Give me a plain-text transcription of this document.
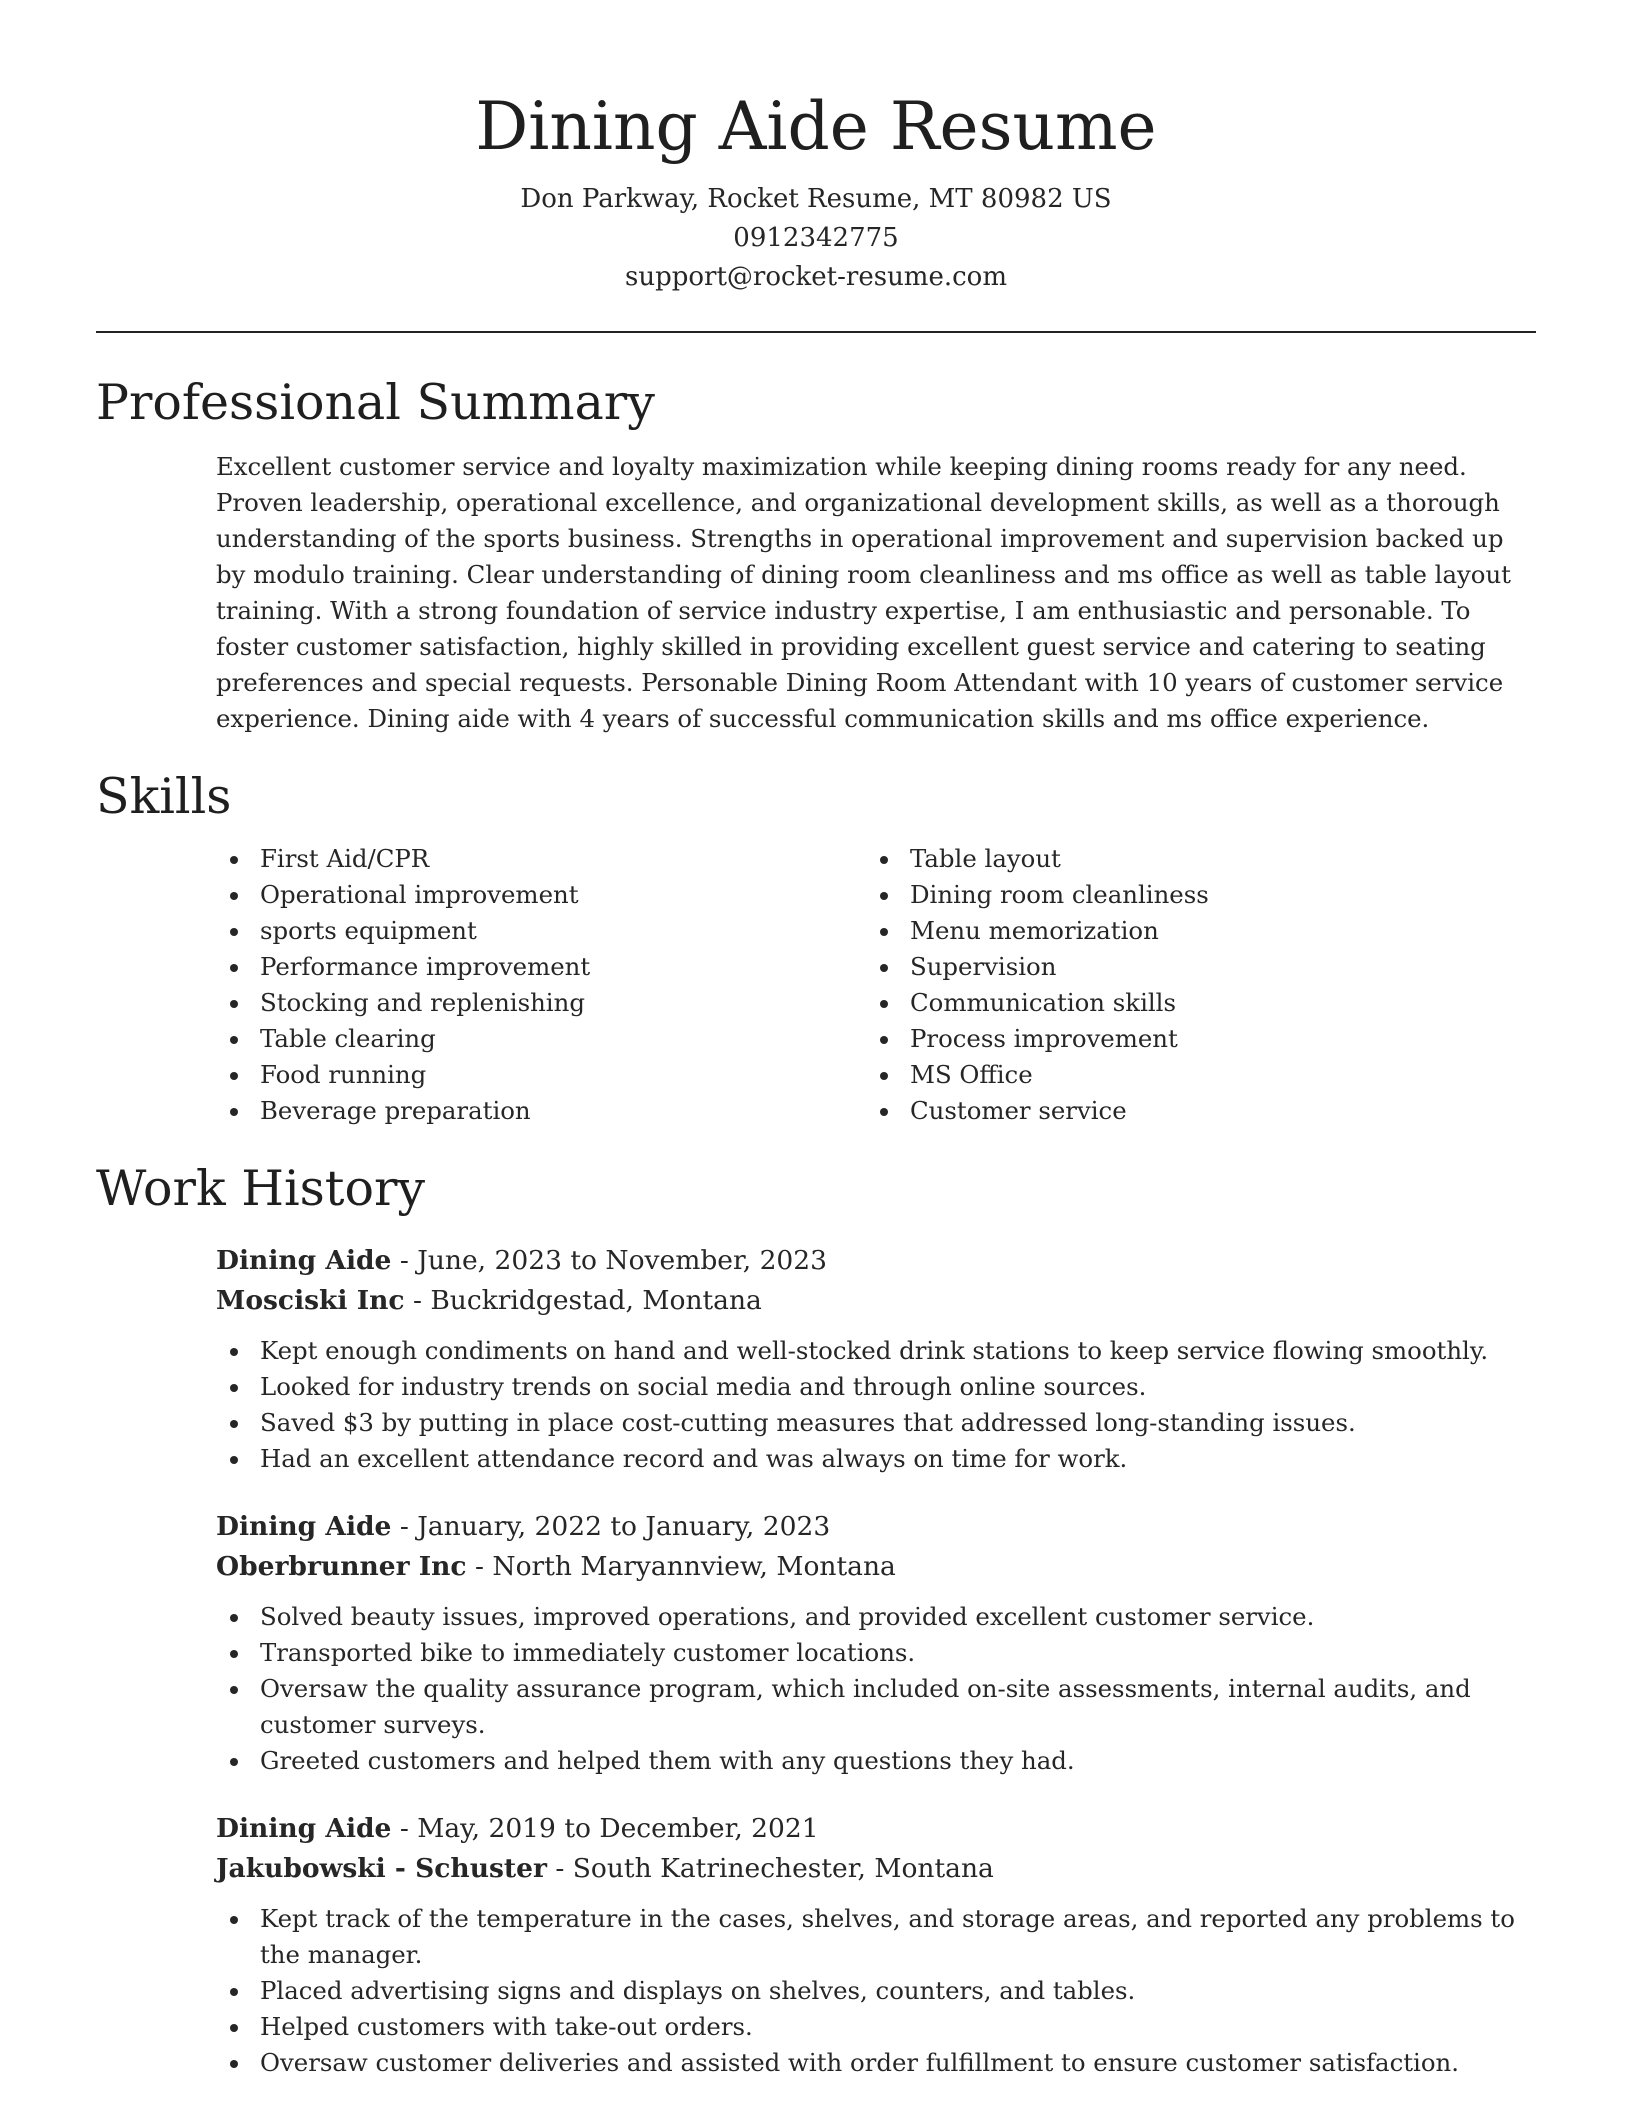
Dining Aide Resume
Don Parkway, Rocket Resume, MT 80982 US
0912342775
support@rocket-resume.com
Professional Summary

Excellent customer service and loyalty maximization while keeping dining rooms ready for any need. Proven leadership, operational excellence, and organizational development skills, as well as a thorough understanding of the sports business. Strengths in operational improvement and supervision backed up by modulo training. Clear understanding of dining room cleanliness and ms office as well as table layout training. With a strong foundation of service industry expertise, I am enthusiastic and personable. To foster customer satisfaction, highly skilled in providing excellent guest service and catering to seating preferences and special requests. Personable Dining Room Attendant with 10 years of customer service experience. Dining aide with 4 years of successful communication skills and ms office experience.

Skills
First Aid/CPR
Operational improvement
sports equipment
Performance improvement
Stocking and replenishing
Table clearing
Food running
Beverage preparation
Table layout
Dining room cleanliness
Menu memorization
Supervision
Communication skills
Process improvement
MS Office
Customer service
Work History

Dining Aide - June, 2023 to November, 2023

Mosciski Inc - Buckridgestad, Montana

Kept enough condiments on hand and well-stocked drink stations to keep service flowing smoothly.
Looked for industry trends on social media and through online sources.
Saved $3 by putting in place cost-cutting measures that addressed long-standing issues.
Had an excellent attendance record and was always on time for work.

Dining Aide - January, 2022 to January, 2023

Oberbrunner Inc - North Maryannview, Montana

Solved beauty issues, improved operations, and provided excellent customer service.
Transported bike to immediately customer locations.
Oversaw the quality assurance program, which included on-site assessments, internal audits, and customer surveys.
Greeted customers and helped them with any questions they had.

Dining Aide - May, 2019 to December, 2021

Jakubowski - Schuster - South Katrinechester, Montana

Kept track of the temperature in the cases, shelves, and storage areas, and reported any problems to the manager.
Placed advertising signs and displays on shelves, counters, and tables.
Helped customers with take-out orders.
Oversaw customer deliveries and assisted with order fulfillment to ensure customer satisfaction.
